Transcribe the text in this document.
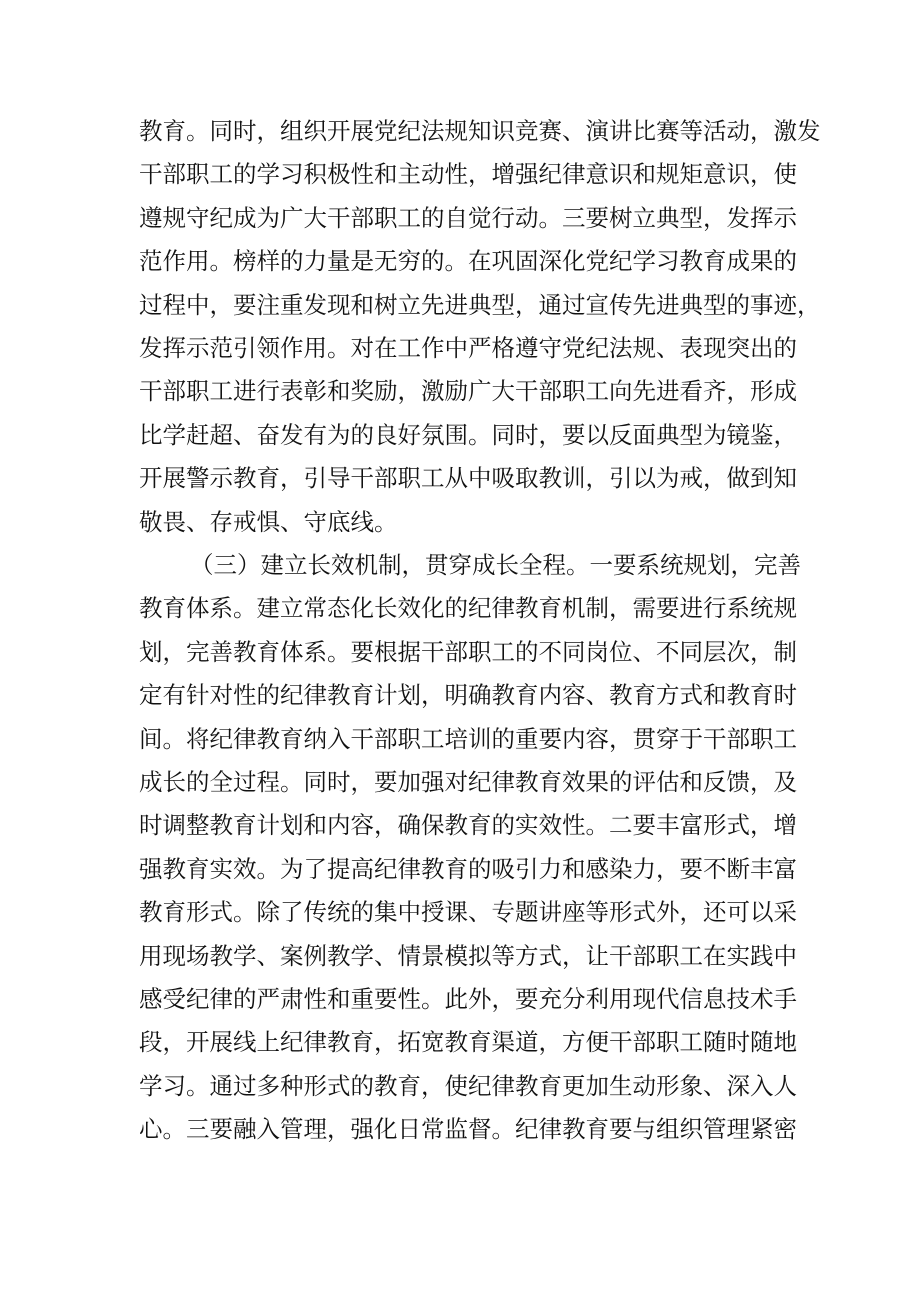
教育。同时，组织开展党纪法规知识竞赛、演讲比赛等活动，激发
干部职工的学习积极性和主动性，增强纪律意识和规矩意识，使
遵规守纪成为广大干部职工的自觉行动。三要树立典型，发挥示
范作用。榜样的力量是无穷的。在巩固深化党纪学习教育成果的
过程中，要注重发现和树立先进典型，通过宣传先进典型的事迹，
发挥示范引领作用。对在工作中严格遵守党纪法规、表现突出的
干部职工进行表彰和奖励，激励广大干部职工向先进看齐，形成
比学赶超、奋发有为的良好氛围。同时，要以反面典型为镜鉴，
开展警示教育，引导干部职工从中吸取教训，引以为戒，做到知
敬畏、存戒惧、守底线。
（三）建立长效机制，贯穿成长全程。一要系统规划，完善
教育体系。建立常态化长效化的纪律教育机制，需要进行系统规
划，完善教育体系。要根据干部职工的不同岗位、不同层次，制
定有针对性的纪律教育计划，明确教育内容、教育方式和教育时
间。将纪律教育纳入干部职工培训的重要内容，贯穿于干部职工
成长的全过程。同时，要加强对纪律教育效果的评估和反馈，及
时调整教育计划和内容，确保教育的实效性。二要丰富形式，增
强教育实效。为了提高纪律教育的吸引力和感染力，要不断丰富
教育形式。除了传统的集中授课、专题讲座等形式外，还可以采
用现场教学、案例教学、情景模拟等方式，让干部职工在实践中
感受纪律的严肃性和重要性。此外，要充分利用现代信息技术手
段，开展线上纪律教育，拓宽教育渠道，方便干部职工随时随地
学习。通过多种形式的教育，使纪律教育更加生动形象、深入人
心。三要融入管理，强化日常监督。纪律教育要与组织管理紧密
